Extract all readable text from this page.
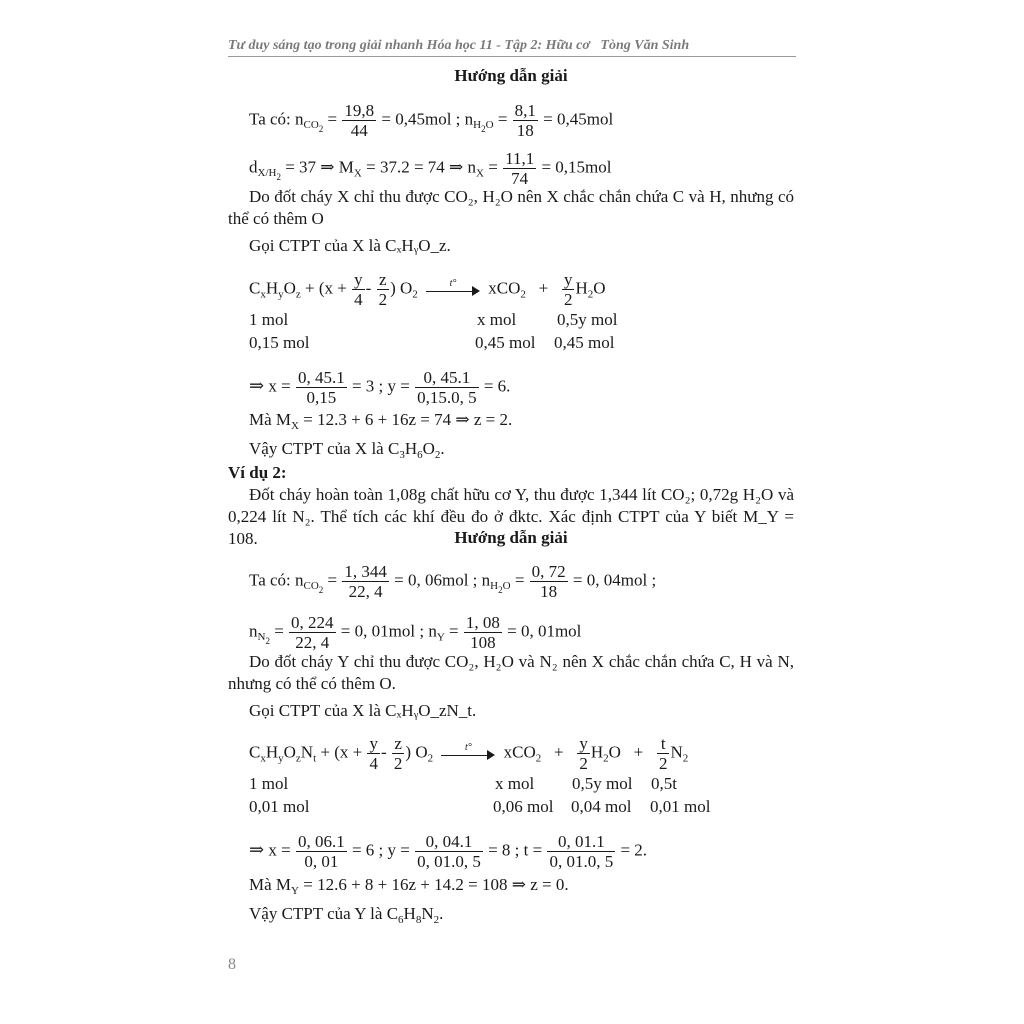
Tư duy sáng tạo trong giải nhanh Hóa học 11 - Tập 2: Hữu cơ Tòng Văn Sinh
Hướng dẫn giải
Ta có: $n_{CO_2} = \frac{19,8}{44} = 0,45mol$ ; $n_{H_2O} = \frac{8,1}{18} = 0,45mol$
$d_{X/H_2} = 37$ ⇒ $M_X = 37.2 = 74$ ⇒ $n_X = \frac{11,1}{74} = 0,15mol$
Do đốt cháy X chỉ thu được CO₂, H₂O nên X chắc chắn chứa C và H, nhưng có thể có thêm O
Gọi CTPT của X là CₓHᵧO_z.
$C_xH_yO_z + (x + \frac{y}{4} - \frac{z}{2}$ ) $O_2$
t°	$xCO_2 + \frac{y}{2} H_2O$
1 mol	x mol 0,5y mol
0,15 mol	0,45 mol 0,45 mol
⇒ $x = \frac{0, 45.1}{0,15} = 3$ ; $y = \frac{0, 45.1}{0,15.0, 5} = 6$.
Mà $M_X = 12.3 + 6 + 16z = 74$ ⇒ z = 2.
Vậy CTPT của X là $C_3H_6O_2$.
Ví dụ 2:
Đốt cháy hoàn toàn 1,08g chất hữu cơ Y, thu được 1,344 lít CO₂; 0,72g H₂O và 0,224 lít N₂. Thể tích các khí đều đo ở đktc. Xác định CTPT của Y biết M_Y = 108.	Hướng dẫn giải
Ta có: $n_{CO_2} = \frac{1, 344}{22, 4} = 0$, 06mol ; $n_{H_2O} = \frac{0, 72}{18} = 0$, 04mol ;
$n_{N_2} = \frac{0, 224}{22, 4} = 0$, 01mol ; $n_Y = \frac{1, 08}{108} = 0$, 01mol
Do đốt cháy Y chỉ thu được CO₂, H₂O và N₂ nên X chắc chắn chứa C, H và N, nhưng có thể có thêm O.
Gọi CTPT của X là CₓHᵧO_zN_t.
$C_xH_yO_zN_t + (x + \frac{y}{4} - \frac{z}{2}$ ) $O_2$
t°	$xCO_2 + \frac{y}{2} H_2O + \frac{t}{2} N_2$
1 mol	x mol 0,5y mol 0,5t
0,01 mol	0,06 mol 0,04 mol 0,01 mol
⇒ $x = \frac{0, 06.1}{0, 01} = 6$ ; $y = \frac{0, 04.1}{0, 01.0, 5} = 8$ ; $t = \frac{0, 01.1}{0, 01.0, 5} = 2$.
Mà $M_Y = 12.6 + 8 + 16z + 14.2 = 108$ ⇒ z = 0.
Vậy CTPT của Y là $C_6H_8N_2$.
8
